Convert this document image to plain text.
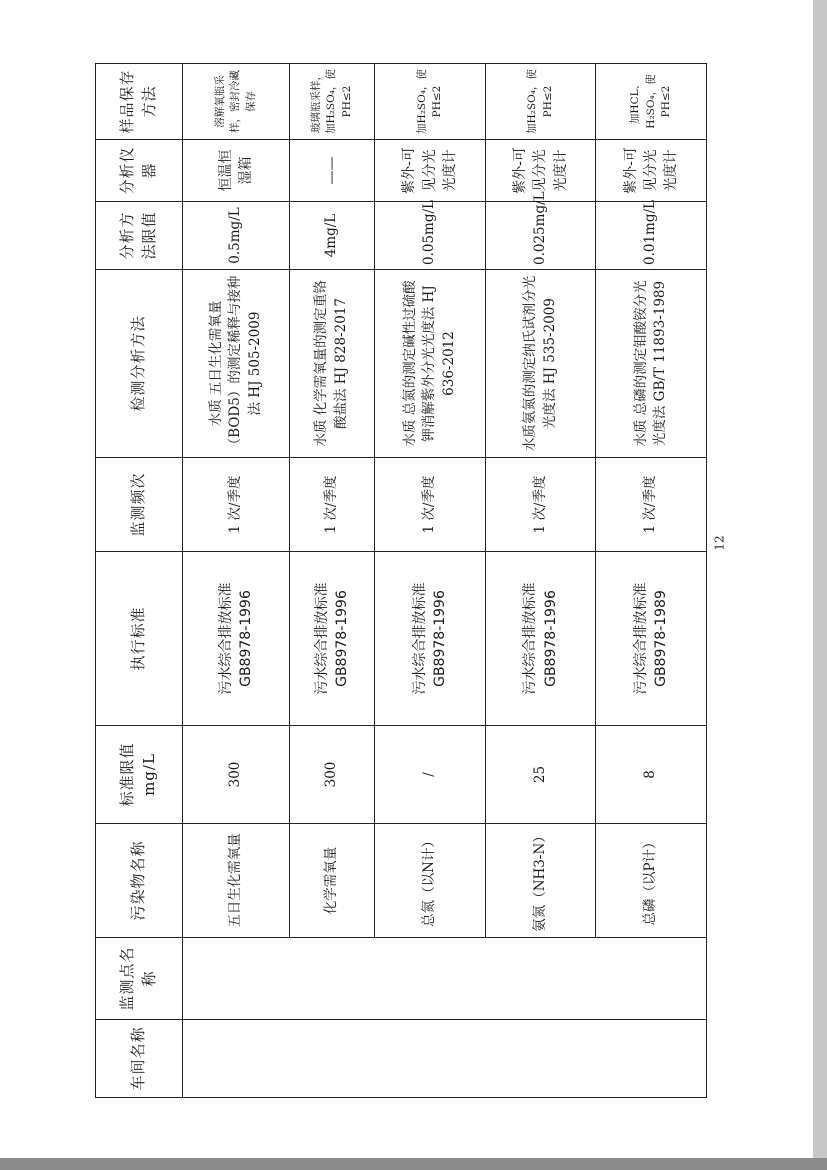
车间名称	监测点名称	污染物名称	标准限值 mg/L	执行标准	监测频次	检测分析方法	分析方法限值	分析仪器	样品保存方法
		五日生化需氧量	300	污水综合排放标准 GB8978-1996	1 次/季度	水质 五日生化需氧量（BOD5）的测定稀释与接种法 HJ 505-2009	0.5mg/L	恒温恒湿箱	溶解氧瓶采样，密封冷藏保存
		化学需氧量	300	污水综合排放标准 GB8978-1996	1 次/季度	水质 化学需氧量的测定重铬酸盐法 HJ 828-2017	4mg/L	——	玻璃瓶采样，加H₂SO₄，使PH≤2
		总氮（以N计）	/	污水综合排放标准 GB8978-1996	1 次/季度	水质 总氮的测定碱性过硫酸钾消解紫外分光光度法 HJ 636-2012	0.05mg/L	紫外-可见分光光度计	加H₂SO₄，使PH≤2
		氨氮（NH3-N）	25	污水综合排放标准 GB8978-1996	1 次/季度	水质氨氮的测定纳氏试剂分光光度法 HJ 535-2009	0.025mg/L	紫外-可见分光光度计	加H₂SO₄，使PH≤2
		总磷（以P计）	8	污水综合排放标准 GB8978-1989	1 次/季度	水质 总磷的测定钼酸铵分光光度法 GB/T 11893-1989	0.01mg/L	紫外-可见分光光度计	加HCL、H₂SO₄，使PH≤2
12
